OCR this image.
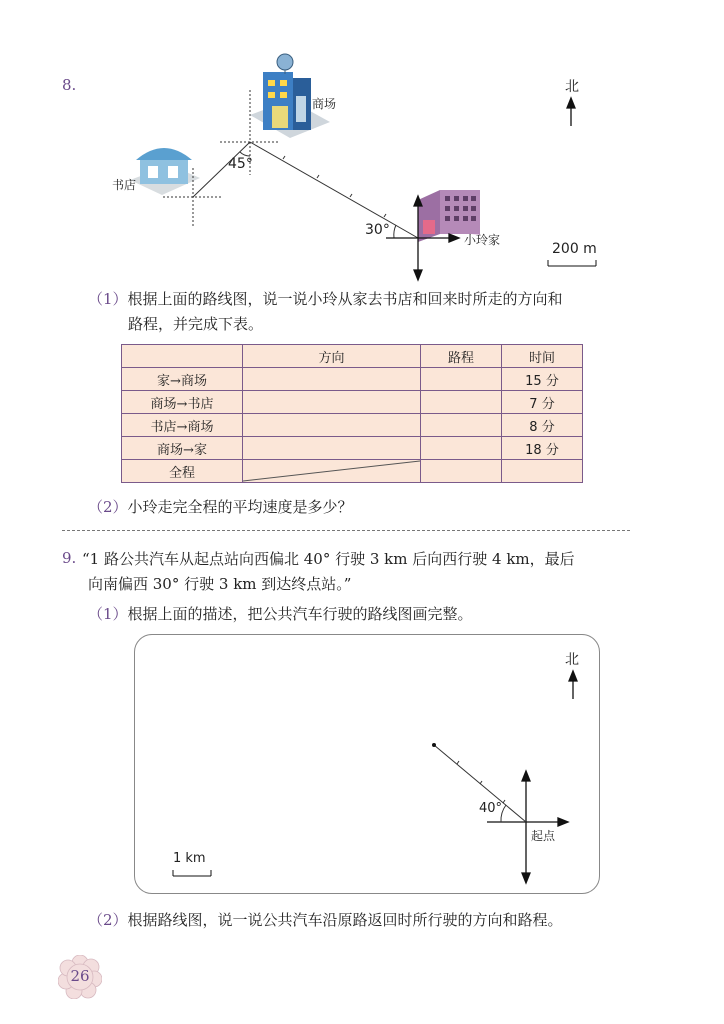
8.	北
商场
书店
小玲家
45°
30°
200 m
（1）根据上面的路线图，说一说小玲从家去书店和回来时所走的方向和
路程，并完成下表。
	方向	路程	时间
家→商场			15 分
商场→书店			7 分
书店→商场			8 分
商场→家			18 分
全程	

（2）小玲走完全程的平均速度是多少？
9. “1 路公共汽车从起点站向西偏北 40° 行驶 3 km 后向西行驶 4 km，最后
向南偏西 30° 行驶 3 km 到达终点站。”
（1）根据上面的描述，把公共汽车行驶的路线图画完整。
北
40°
起点
1 km
（2）根据路线图，说一说公共汽车沿原路返回时所行驶的方向和路程。
26
